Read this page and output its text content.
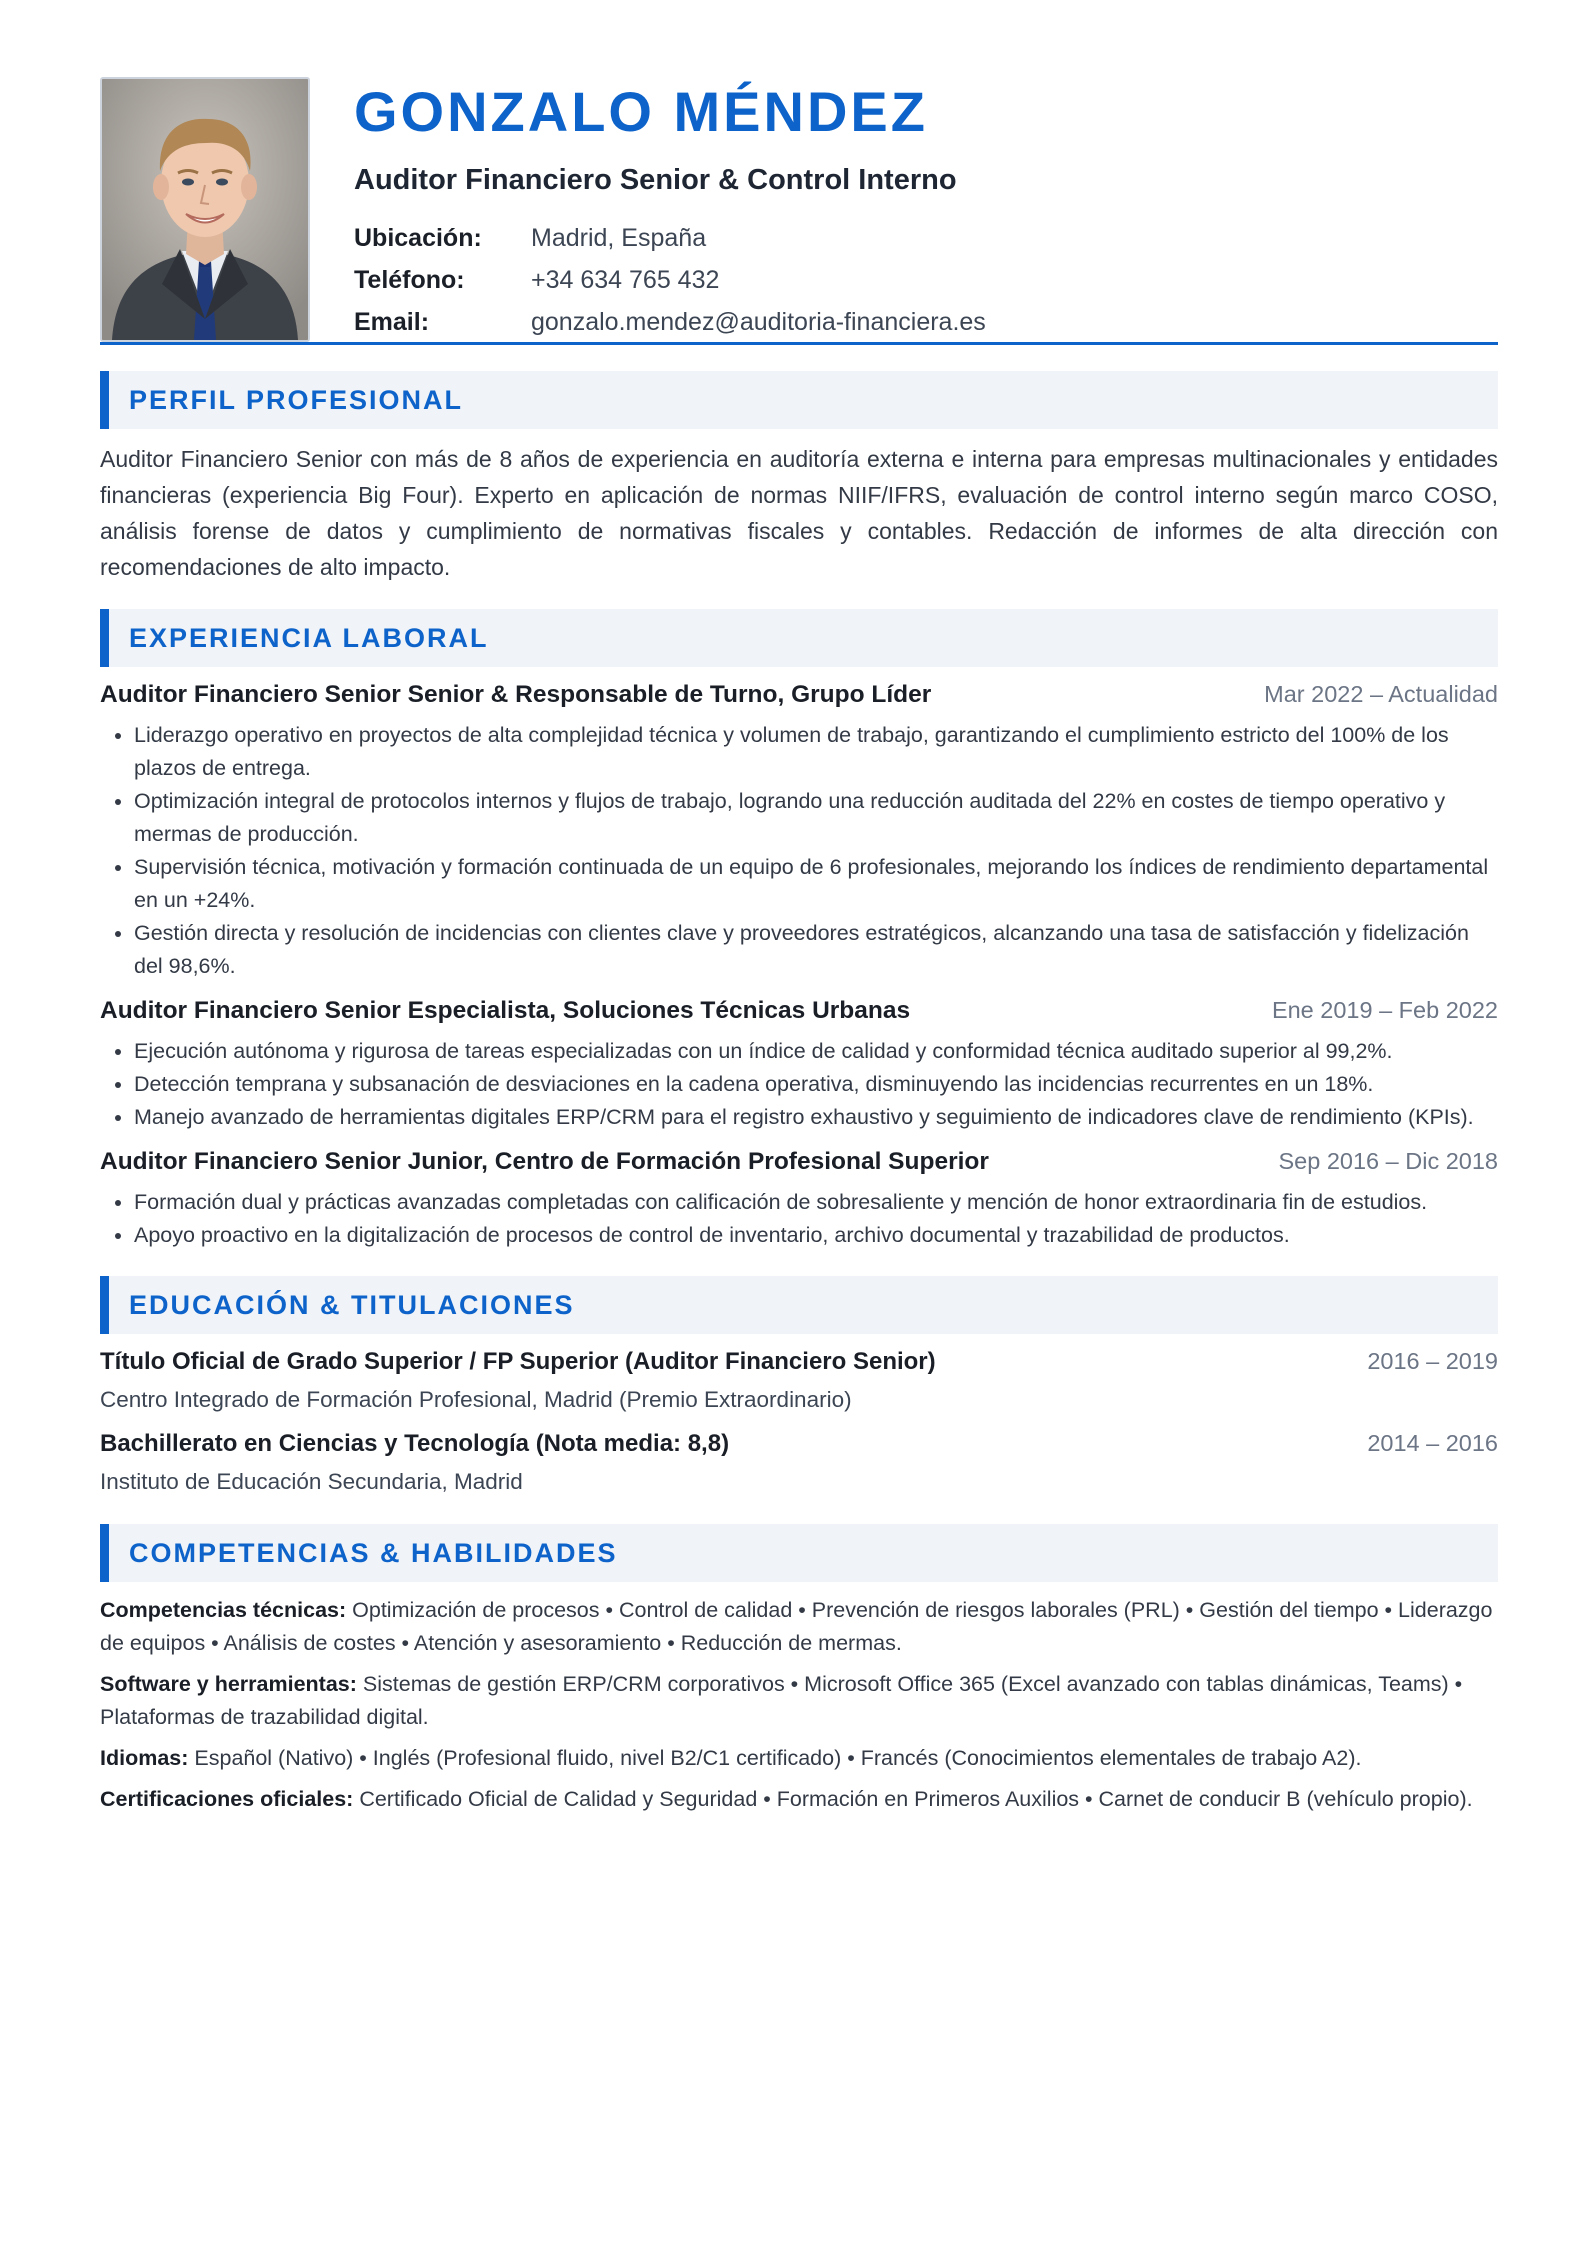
GONZALO MÉNDEZ
Auditor Financiero Senior & Control Interno
Ubicación:	Madrid, España
Teléfono:	+34 634 765 432
Email:	gonzalo.mendez@auditoria-financiera.es
PERFIL PROFESIONAL

Auditor Financiero Senior con más de 8 años de experiencia en auditoría externa e interna para empresas multinacionales y entidades financieras (experiencia Big Four). Experto en aplicación de normas NIIF/IFRS, evaluación de control interno según marco COSO, análisis forense de datos y cumplimiento de normativas fiscales y contables. Redacción de informes de alta dirección con recomendaciones de alto impacto.

EXPERIENCIA LABORAL
Auditor Financiero Senior Senior & Responsable de Turno, Grupo Líder	Mar 2022 – Actualidad
• Liderazgo operativo en proyectos de alta complejidad técnica y volumen de trabajo, garantizando el cumplimiento estricto del 100% de los plazos de entrega.
• Optimización integral de protocolos internos y flujos de trabajo, logrando una reducción auditada del 22% en costes de tiempo operativo y mermas de producción.
• Supervisión técnica, motivación y formación continuada de un equipo de 6 profesionales, mejorando los índices de rendimiento departamental en un +24%.
• Gestión directa y resolución de incidencias con clientes clave y proveedores estratégicos, alcanzando una tasa de satisfacción y fidelización del 98,6%.
Auditor Financiero Senior Especialista, Soluciones Técnicas Urbanas	Ene 2019 – Feb 2022
• Ejecución autónoma y rigurosa de tareas especializadas con un índice de calidad y conformidad técnica auditado superior al 99,2%.
• Detección temprana y subsanación de desviaciones en la cadena operativa, disminuyendo las incidencias recurrentes en un 18%.
• Manejo avanzado de herramientas digitales ERP/CRM para el registro exhaustivo y seguimiento de indicadores clave de rendimiento (KPIs).
Auditor Financiero Senior Junior, Centro de Formación Profesional Superior	Sep 2016 – Dic 2018
• Formación dual y prácticas avanzadas completadas con calificación de sobresaliente y mención de honor extraordinaria fin de estudios.
• Apoyo proactivo en la digitalización de procesos de control de inventario, archivo documental y trazabilidad de productos.
EDUCACIÓN & TITULACIONES
Título Oficial de Grado Superior / FP Superior (Auditor Financiero Senior)	2016 – 2019
Centro Integrado de Formación Profesional, Madrid (Premio Extraordinario)
Bachillerato en Ciencias y Tecnología (Nota media: 8,8)	2014 – 2016
Instituto de Educación Secundaria, Madrid
COMPETENCIAS & HABILIDADES
Competencias técnicas: Optimización de procesos • Control de calidad • Prevención de riesgos laborales (PRL) • Gestión del tiempo • Liderazgo de equipos • Análisis de costes • Atención y asesoramiento • Reducción de mermas.
Software y herramientas: Sistemas de gestión ERP/CRM corporativos • Microsoft Office 365 (Excel avanzado con tablas dinámicas, Teams) • Plataformas de trazabilidad digital.
Idiomas: Español (Nativo) • Inglés (Profesional fluido, nivel B2/C1 certificado) • Francés (Conocimientos elementales de trabajo A2).
Certificaciones oficiales: Certificado Oficial de Calidad y Seguridad • Formación en Primeros Auxilios • Carnet de conducir B (vehículo propio).
